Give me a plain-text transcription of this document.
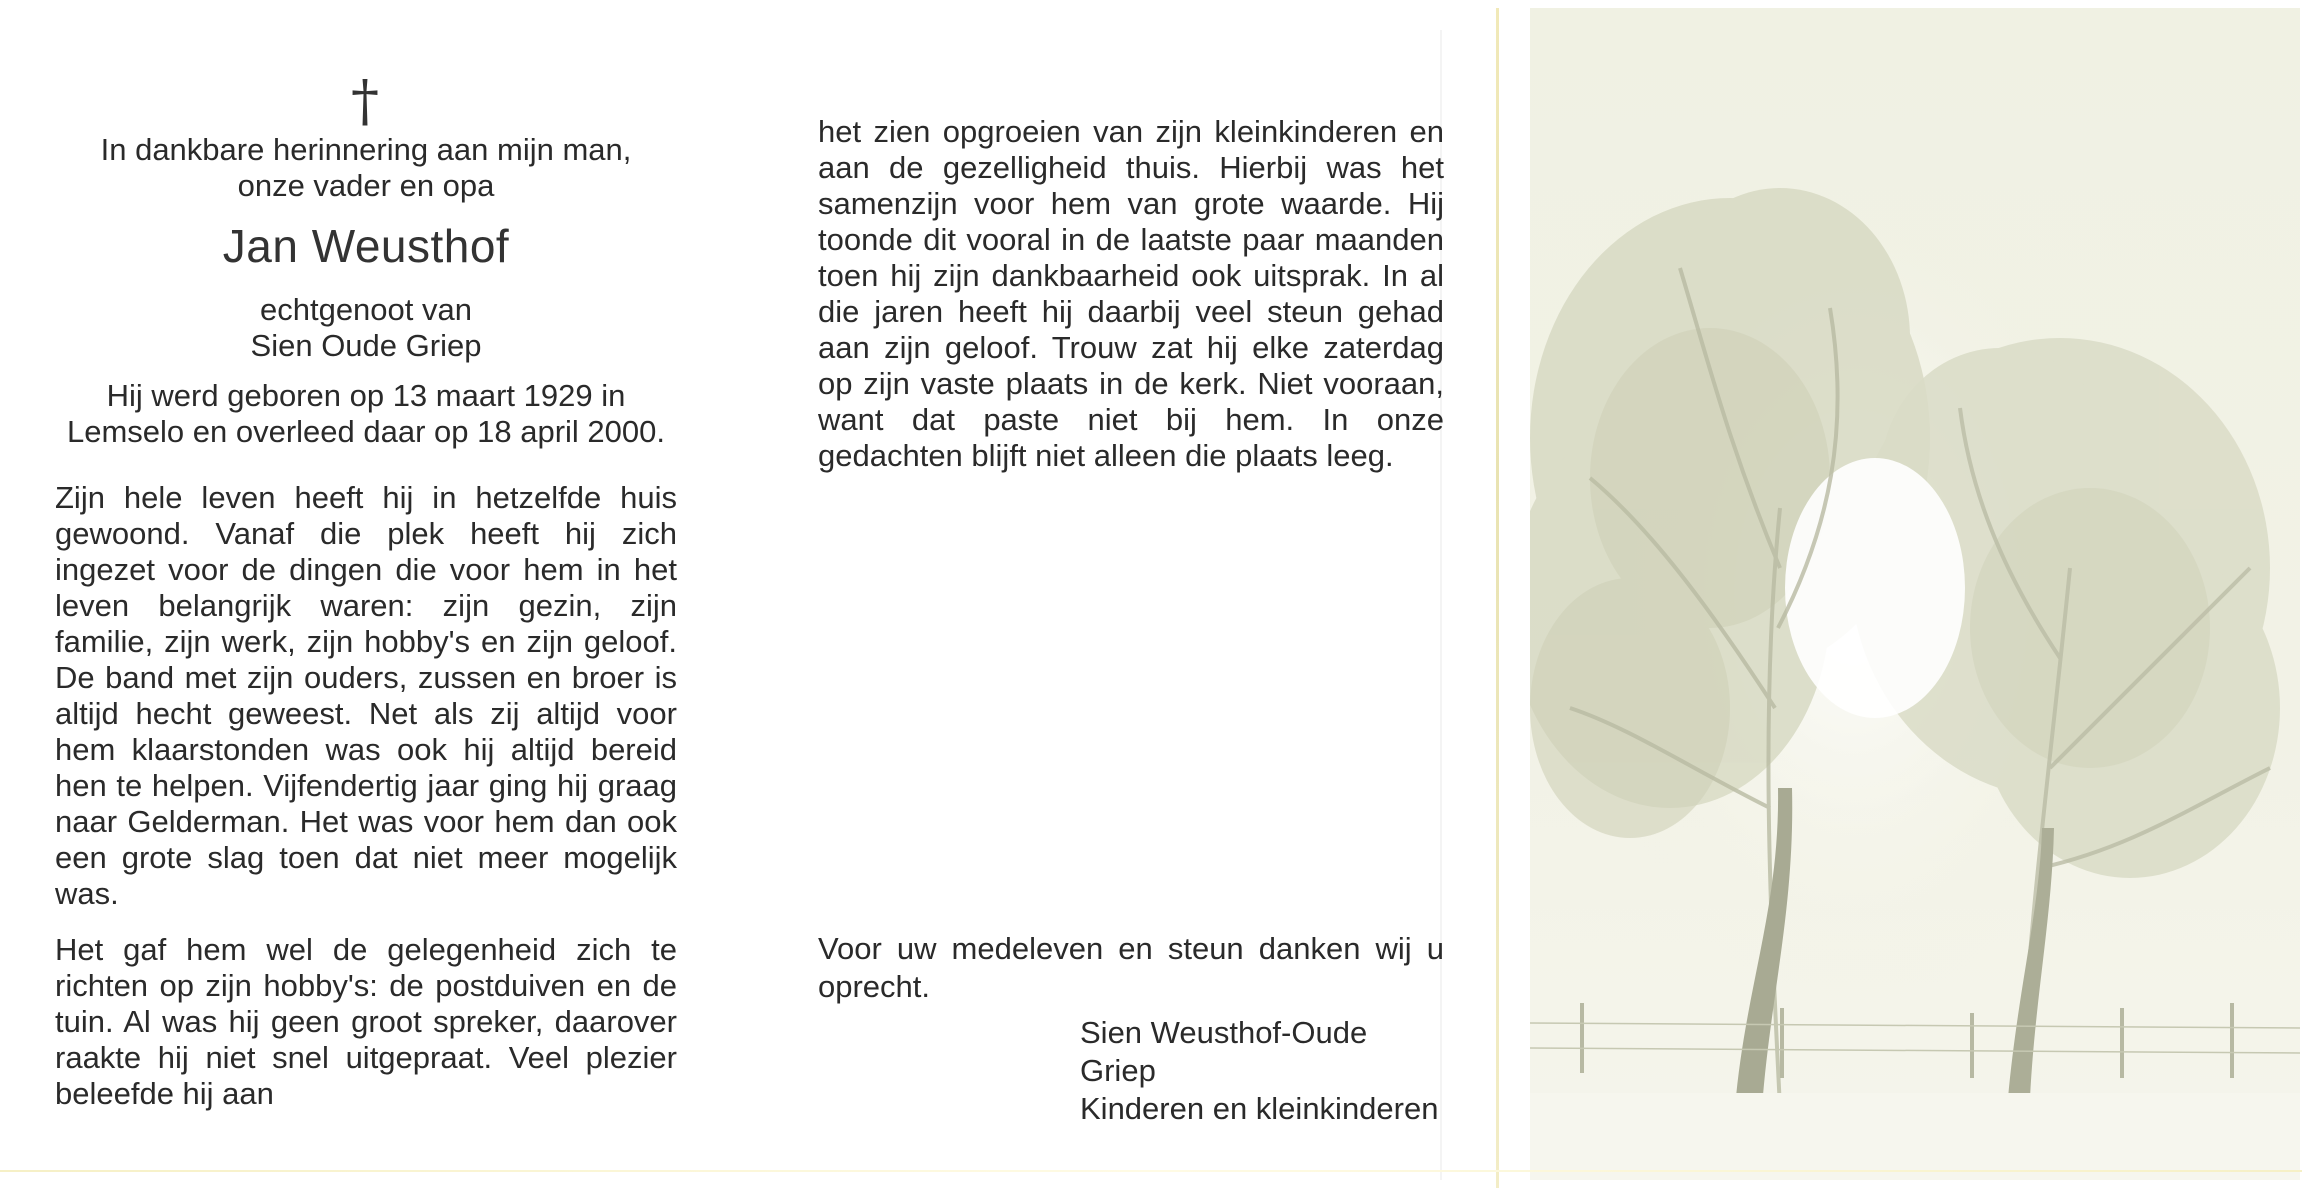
†
In dankbare herinnering aan mijn man,
onze vader en opa
Jan Weusthof
echtgenoot van
Sien Oude Griep
Hij werd geboren op 13 maart 1929 in
Lemselo en overleed daar op 18 april 2000.

Zijn hele leven heeft hij in hetzelfde huis gewoond. Vanaf die plek heeft hij zich ingezet voor de dingen die voor hem in het leven belangrijk waren: zijn gezin, zijn familie, zijn werk, zijn hobby's en zijn geloof. De band met zijn ouders, zussen en broer is altijd hecht geweest. Net als zij altijd voor hem klaarstonden was ook hij altijd bereid hen te helpen. Vijfendertig jaar ging hij graag naar Gelderman. Het was voor hem dan ook een grote slag toen dat niet meer mogelijk was.

Het gaf hem wel de gelegenheid zich te richten op zijn hobby's: de postduiven en de tuin. Al was hij geen groot spreker, daarover raakte hij niet snel uitgepraat. Veel plezier beleefde hij aan

het zien opgroeien van zijn kleinkinderen en aan de gezelligheid thuis. Hierbij was het samenzijn voor hem van grote waarde. Hij toonde dit vooral in de laatste paar maanden toen hij zijn dankbaarheid ook uitsprak. In al die jaren heeft hij daarbij veel steun gehad aan zijn geloof. Trouw zat hij elke zaterdag op zijn vaste plaats in de kerk. Niet vooraan, want dat paste niet bij hem. In onze gedachten blijft niet alleen die plaats leeg.

Voor uw medeleven en steun danken wij u oprecht.
Sien Weusthof-Oude Griep
Kinderen en kleinkinderen
